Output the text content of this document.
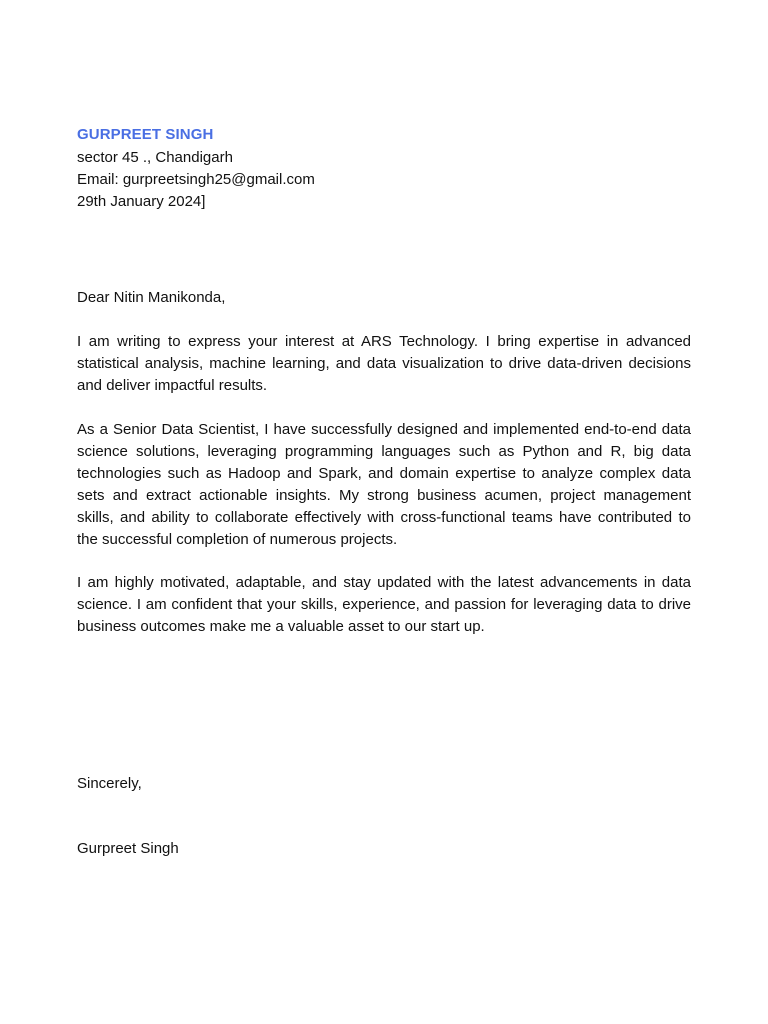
GURPREET SINGH
sector 45 ., Chandigarh
Email: gurpreetsingh25@gmail.com
29th January 2024]
Dear Nitin Manikonda,

I am writing to express your interest at ARS Technology. I bring expertise in advanced statistical analysis, machine learning, and data visualization to drive data-driven decisions and deliver impactful results.

As a Senior Data Scientist, I have successfully designed and implemented end-to-end data science solutions, leveraging programming languages such as Python and R, big data technologies such as Hadoop and Spark, and domain expertise to analyze complex data sets and extract actionable insights. My strong business acumen, project management skills, and ability to collaborate effectively with cross-functional teams have contributed to the successful completion of numerous projects.

I am highly motivated, adaptable, and stay updated with the latest advancements in data science. I am confident that your skills, experience, and passion for leveraging data to drive business outcomes make me a valuable asset to our start up.

Sincerely,
Gurpreet Singh
